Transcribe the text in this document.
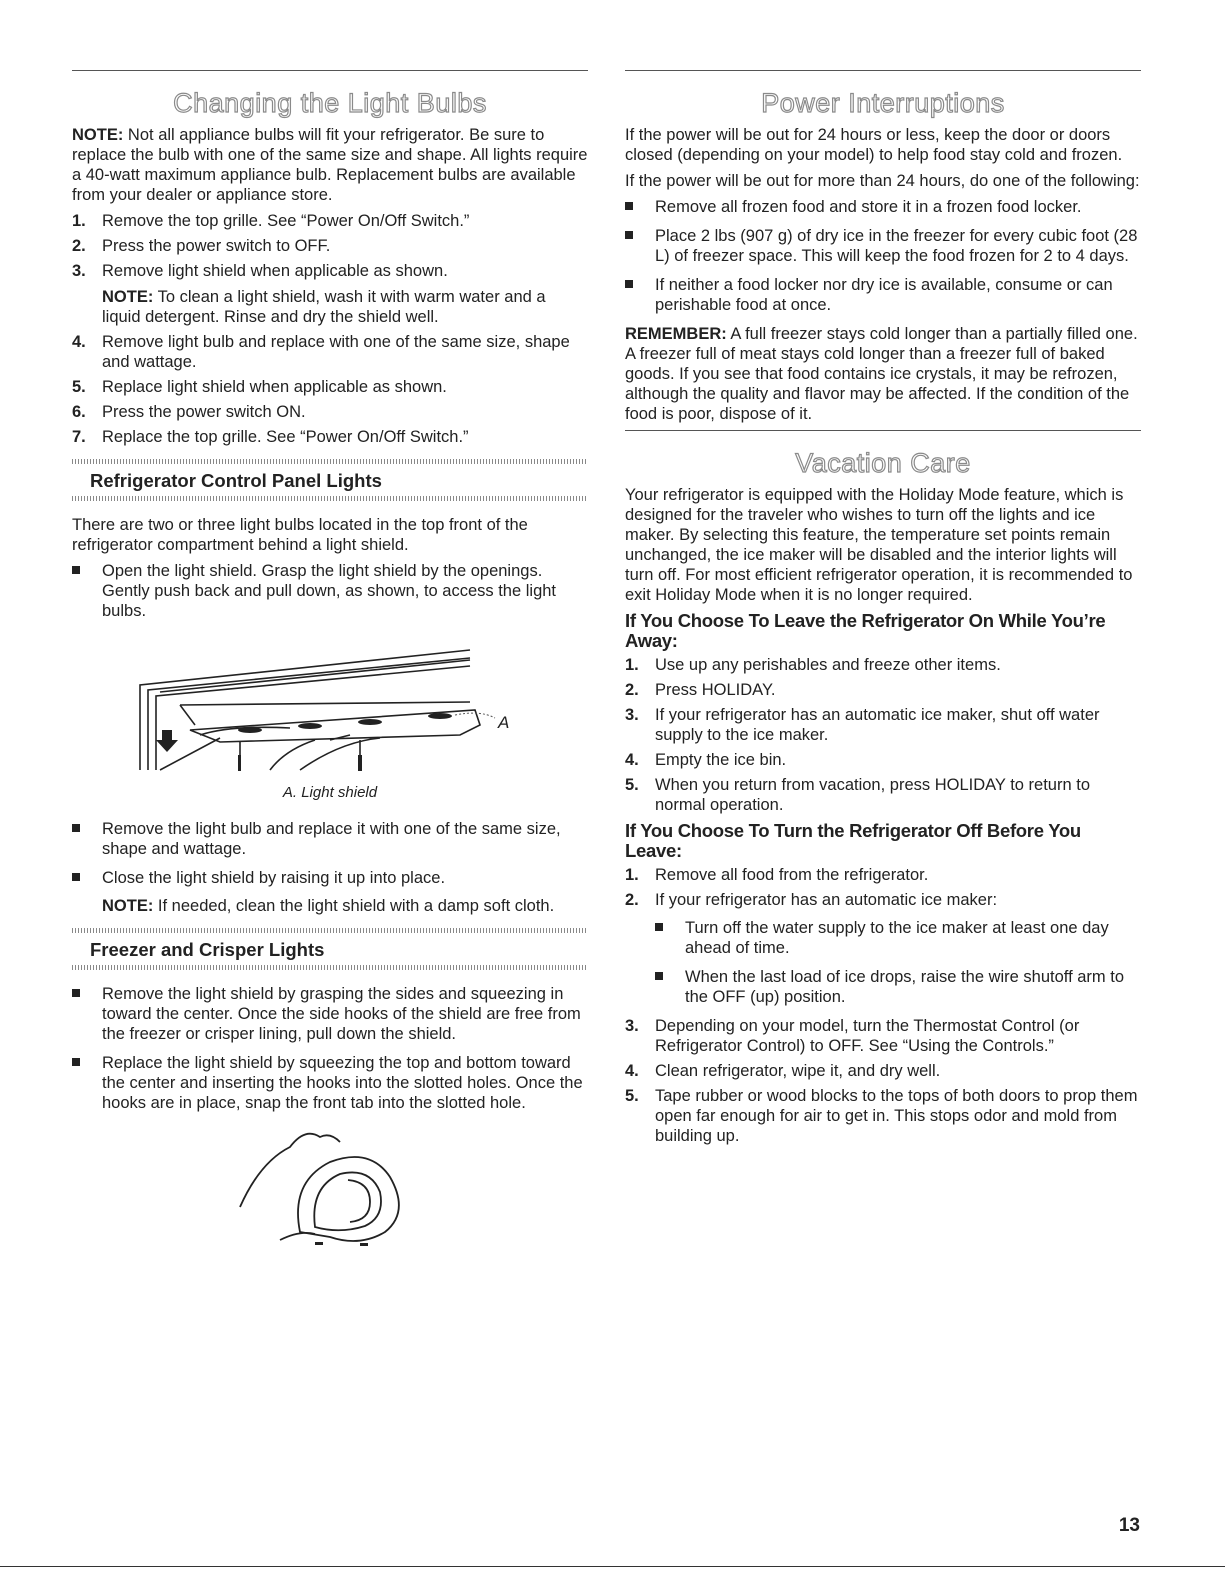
Changing the Light Bulbs

NOTE: Not all appliance bulbs will fit your refrigerator. Be sure to replace the bulb with one of the same size and shape. All lights require a 40-watt maximum appliance bulb. Replacement bulbs are available from your dealer or appliance store.

1. Remove the top grille. See “Power On/Off Switch.”
2. Press the power switch to OFF.
3. Remove light shield when applicable as shown.

NOTE: To clean a light shield, wash it with warm water and a liquid detergent. Rinse and dry the shield well.

4. Remove light bulb and replace with one of the same size, shape and wattage.
5. Replace light shield when applicable as shown.
6. Press the power switch ON.
7. Replace the top grille. See “Power On/Off Switch.”
Refrigerator Control Panel Lights

There are two or three light bulbs located in the top front of the refrigerator compartment behind a light shield.

Open the light shield. Grasp the light shield by the openings. Gently push back and pull down, as shown, to access the light bulbs.
A
A. Light shield
Remove the light bulb and replace it with one of the same size, shape and wattage.
Close the light shield by raising it up into place.

NOTE: If needed, clean the light shield with a damp soft cloth.

Freezer and Crisper Lights
Remove the light shield by grasping the sides and squeezing in toward the center. Once the side hooks of the shield are free from the freezer or crisper lining, pull down the shield.
Replace the light shield by squeezing the top and bottom toward the center and inserting the hooks into the slotted holes. Once the hooks are in place, snap the front tab into the slotted hole.
Power Interruptions

If the power will be out for 24 hours or less, keep the door or doors closed (depending on your model) to help food stay cold and frozen.

If the power will be out for more than 24 hours, do one of the following:

Remove all frozen food and store it in a frozen food locker.
Place 2 lbs (907 g) of dry ice in the freezer for every cubic foot (28 L) of freezer space. This will keep the food frozen for 2 to 4 days.
If neither a food locker nor dry ice is available, consume or can perishable food at once.

REMEMBER: A full freezer stays cold longer than a partially filled one. A freezer full of meat stays cold longer than a freezer full of baked goods. If you see that food contains ice crystals, it may be refrozen, although the quality and flavor may be affected. If the condition of the food is poor, dispose of it.

Vacation Care

Your refrigerator is equipped with the Holiday Mode feature, which is designed for the traveler who wishes to turn off the lights and ice maker. By selecting this feature, the temperature set points remain unchanged, the ice maker will be disabled and the interior lights will turn off. For most efficient refrigerator operation, it is recommended to exit Holiday Mode when it is no longer required.

If You Choose To Leave the Refrigerator On While You’re Away:
1. Use up any perishables and freeze other items.
2. Press HOLIDAY.
3. If your refrigerator has an automatic ice maker, shut off water supply to the ice maker.
4. Empty the ice bin.
5. When you return from vacation, press HOLIDAY to return to normal operation.
If You Choose To Turn the Refrigerator Off Before You Leave:
1. Remove all food from the refrigerator.
2. If your refrigerator has an automatic ice maker:
Turn off the water supply to the ice maker at least one day ahead of time.
When the last load of ice drops, raise the wire shutoff arm to the OFF (up) position.
3. Depending on your model, turn the Thermostat Control (or Refrigerator Control) to OFF. See “Using the Controls.”
4. Clean refrigerator, wipe it, and dry well.
5. Tape rubber or wood blocks to the tops of both doors to prop them open far enough for air to get in. This stops odor and mold from building up.
13
